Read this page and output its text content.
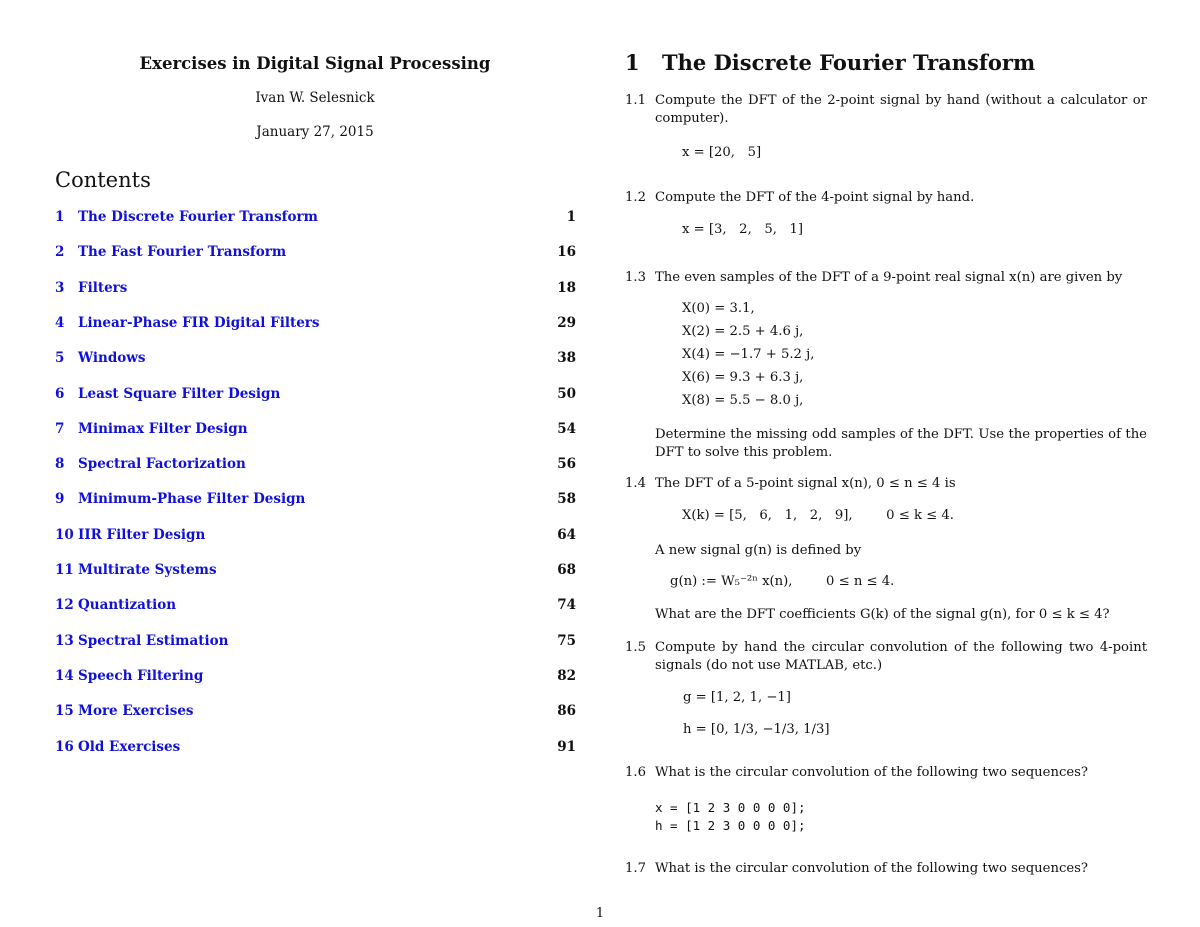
Exercises in Digital Signal Processing
Ivan W. Selesnick
January 27, 2015
Contents
1 The Discrete Fourier Transform	1
2 The Fast Fourier Transform	16
3 Filters	18
4 Linear-Phase FIR Digital Filters	29
5 Windows	38
6 Least Square Filter Design	50
7 Minimax Filter Design	54
8 Spectral Factorization	56
9 Minimum-Phase Filter Design	58
10 IIR Filter Design	64
11 Multirate Systems	68
12 Quantization	74
13 Spectral Estimation	75
14 Speech Filtering	82
15 More Exercises	86
16 Old Exercises	91
1 The Discrete Fourier Transform
1.1 Compute the DFT of the 2-point signal by hand (without a calculator or computer).
x = [20,   5]
1.2 Compute the DFT of the 4-point signal by hand.
x = [3,   2,   5,   1]
1.3 The even samples of the DFT of a 9-point real signal x(n) are given by
X(0) = 3.1,
X(2) = 2.5 + 4.6 j,
X(4) = −1.7 + 5.2 j,
X(6) = 9.3 + 6.3 j,
X(8) = 5.5 − 8.0 j,
Determine the missing odd samples of the DFT. Use the properties of the DFT to solve this problem.
1.4 The DFT of a 5-point signal x(n), 0 ≤ n ≤ 4 is
X(k) = [5,   6,   1,   2,   9],        0 ≤ k ≤ 4.
A new signal g(n) is defined by
g(n) := W₅⁻²ⁿ x(n),        0 ≤ n ≤ 4.
What are the DFT coefficients G(k) of the signal g(n), for 0 ≤ k ≤ 4?
1.5 Compute by hand the circular convolution of the following two 4-point signals (do not use MATLAB, etc.)
g = [1, 2, 1, −1]
h = [0, 1/3, −1/3, 1/3]
1.6 What is the circular convolution of the following two sequences?
x = [1 2 3 0 0 0 0];
h = [1 2 3 0 0 0 0];
1.7 What is the circular convolution of the following two sequences?
1
